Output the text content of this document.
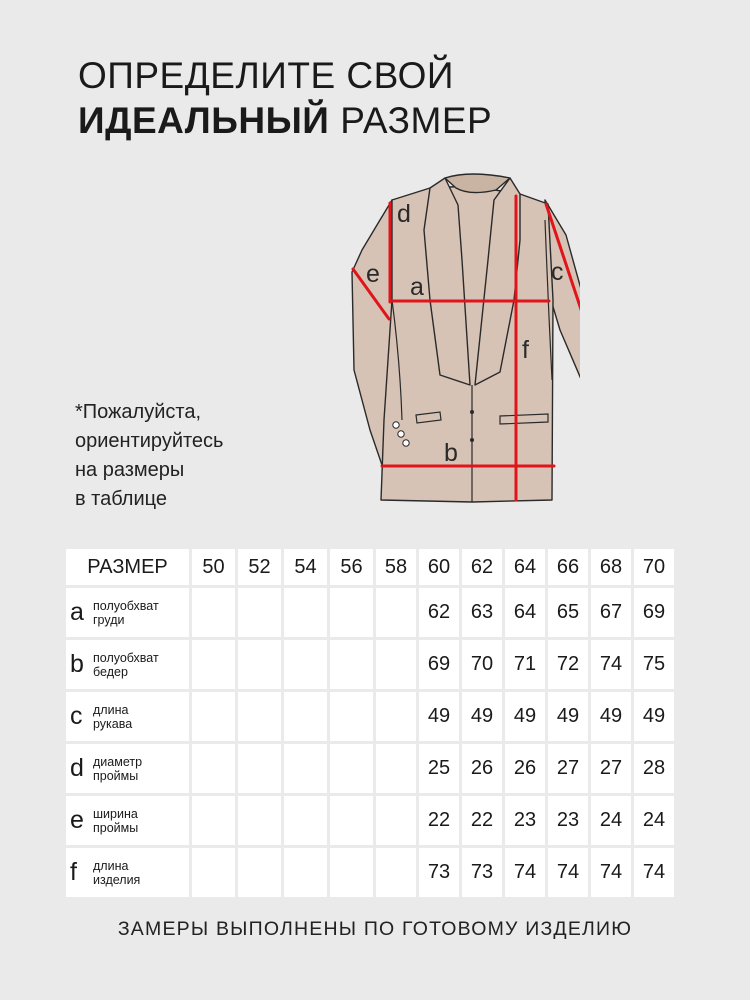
ОПРЕДЕЛИТЕ СВОЙ
ИДЕАЛЬНЫЙ РАЗМЕР
*Пожалуйста,
ориентируйтесь
на размеры
в таблице
d
a
e
f
c
b
РАЗМЕР	50	52	54	56	58	60	62	64	66	68	70

a полуобхват
груди						62	63	64	65	67	69

b полуобхват
бедер						69	70	71	72	74	75

c длина
рукава						49	49	49	49	49	49

d диаметр
проймы						25	26	26	27	27	28

e ширина
проймы						22	22	23	23	24	24

f длина
изделия						73	73	74	74	74	74
ЗАМЕРЫ ВЫПОЛНЕНЫ ПО ГОТОВОМУ ИЗДЕЛИЮ
